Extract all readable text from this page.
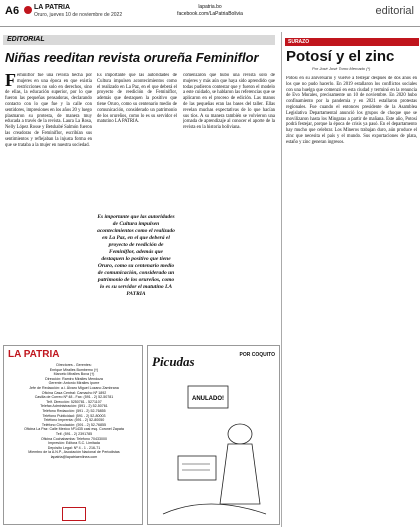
A6 LA PATRIA
Oruro, jueves 10 de noviembre de 2022
lapatria.bo
facebook.com/LaPatriaBolivia	editorial
EDITORIAL
Niñas reeditan revista orureña Feminiflor
Feminiflor fue una revista hecha por mujeres en una época en que existía restricciones no solo en derechos, sino de ellas, la educación superior, por lo que fueron las pequeñas pensadoras, declarando contacto con lo que fue y la calle con sentidores, impresiones en los años 20 y luego plasmaron su protesta, de manera muy educada a través de la revista. Laura La Rosa, Nelly López Rosse y Betshabé Salmón fueron las creadoras de Feminiflor, escribían sus sentimientos y reflejaban la injusta forma en que se trataba a la mujer en nuestra sociedad.
Es importante que las autoridades de Cultura impulsen acontecimientos como el realizado en La Paz, en el que deberá el proyecto de reedición de Feminiflor, además que destaquen la positivo que tiene Oruro, como su centenario medio de comunicación, considerado un patrimonio de los orureños, como lo es su servidor el matutino LA PATRIA.
Es importante que las autoridades de Cultura impulsen acontecimientos como el realizado en La Paz, en el que deberá el proyecto de reedición de Feminiflor, además que destaquen lo positivo que tiene Oruro, como su centenario medio de comunicación, considerado un patrimonio de los orureños, como lo es su servidor el matutino LA PATRIA
comenzaron que hubo una revista solo de mujeres y más aún que haya sido aprendido que todas pudieron contestar que y fueron el modelo a este cuidado, se hablaron las referencias que se aplicaron en el proceso de edición. Las manos de las pequeñas eran las bases del taller. Ellas revelan muchas expectativas de lo que hacían sus tíos. A su manera también se volvieron una jornada de aprendizaje al conocer el aporte de la revista en la historia boliviana.
SURAZO
Potosí y el zinc
Por José José Tomo Mercado (*)
Potosí en su aniversario y vuelve a festejar después de dos años en los que no pudo hacerlo. En 2019 estallaron los conflictos sociales con una huelga que comenzó en esta ciudad y terminó en la renuncia de Evo Morales, precisamente un 10 de noviembre. En 2020 hubo confinamiento por la pandemia y en 2021 estallaron protestas regionales. Fue cuando el entonces presidente de la Asamblea Legislativa Departamental anunció los grupos de choque que se movilizaron hasta los Mingaras a partir de mañana. Este año, Potosí podrá festejar, porque la época de crisis ya pasó. En el departamento hay mucho que celebrar. Los Mineros trabajan duro, aún produce el zinc que necesita el país y el mundo. Sus exportaciones de plata, estaño y zinc generan ingresos.
LA PATRIA
Directores - Gerentes:
Enrique Miralles Bombemo (†)
Marcelo Miralles Bova (†)
Dirección: Ramiro Miralles Mendoza
Gerente: Antonio Miralles Iporre
Jefe de Redacción: a.i. Álvaro Miguel Lozano Zambrana
Oficina Casa Central: Camacho Nº 1892
Casilla de Correo Nº 48 - Fax: (591 - 2) 52-50781
Telf. Dirección: 5250781 - 5271107
Telefax Administración: (591 - 2) 52-50761
Teléfono Redacción: (591 - 2) 52-76855
Teléfono Publicidad: (591 - 2) 52-80003
Teléfono Imprenta: (591 - 2) 52-80050
Teléfono Circulación: (591 - 2) 52-76855
Oficina La Paz: Calle Mexico Nº1435 casi esq. Coronel Zapata
Telf. (591 - 2) 2391785
Oficina Cochabamba: Telefono 70433000
Impresión: Editora S.C. Limitada
Depósito Legal: Nº 4 - 1 - 216-71
Miembro de la A.N.P., Asociación Nacional de Periodistas
lapatria@lapatriaenlinea.com
Picudas	POR COQUITO
ANULADO!
